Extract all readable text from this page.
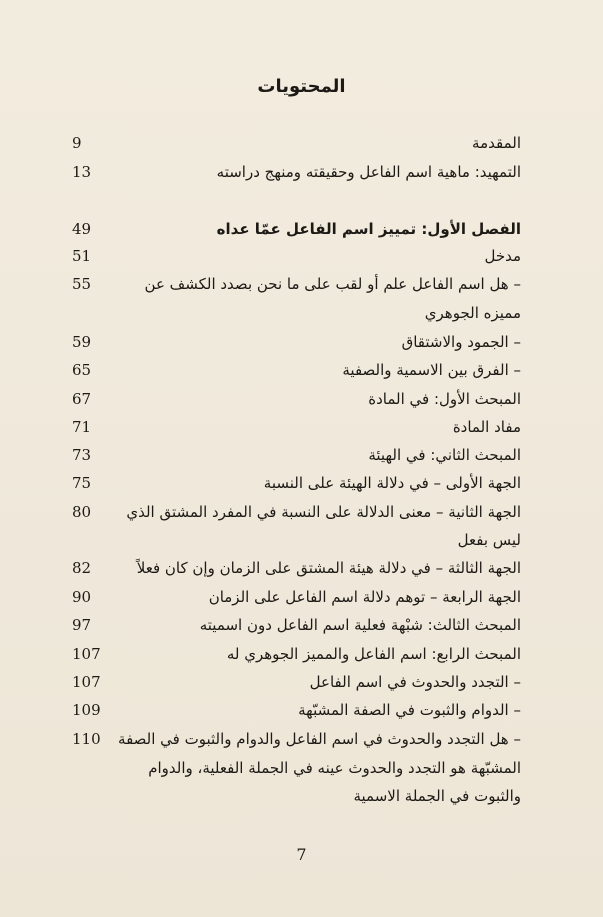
المحتويات
المقدمة
9
التمهيد: ماهية اسم الفاعل وحقيقته ومنهج دراسته
13
الفصل الأول: تمييز اسم الفاعل عمّا عداه
49
مدخل
51
– هل اسم الفاعل علم أو لقب على ما نحن بصدد الكشف عن
55
مميزه الجوهري
– الجمود والاشتقاق
59
– الفرق بين الاسمية والصفية
65
المبحث الأول: في المادة
67
مفاد المادة
71
المبحث الثاني: في الهيئة
73
الجهة الأولى – في دلالة الهيئة على النسبة
75
الجهة الثانية – معنى الدلالة على النسبة في المفرد المشتق الذي
80
ليس بفعل
الجهة الثالثة – في دلالة هيئة المشتق على الزمان وإن كان فعلاً
82
الجهة الرابعة – توهم دلالة اسم الفاعل على الزمان
90
المبحث الثالث: شبْهة فعلية اسم الفاعل دون اسميته
97
المبحث الرابع: اسم الفاعل والمميز الجوهري له
107
– التجدد والحدوث في اسم الفاعل
107
– الدوام والثبوت في الصفة المشبّهة
109
– هل التجدد والحدوث في اسم الفاعل والدوام والثبوت في الصفة
110
المشبّهة هو التجدد والحدوث عينه في الجملة الفعلية، والدوام
والثبوت في الجملة الاسمية
7
